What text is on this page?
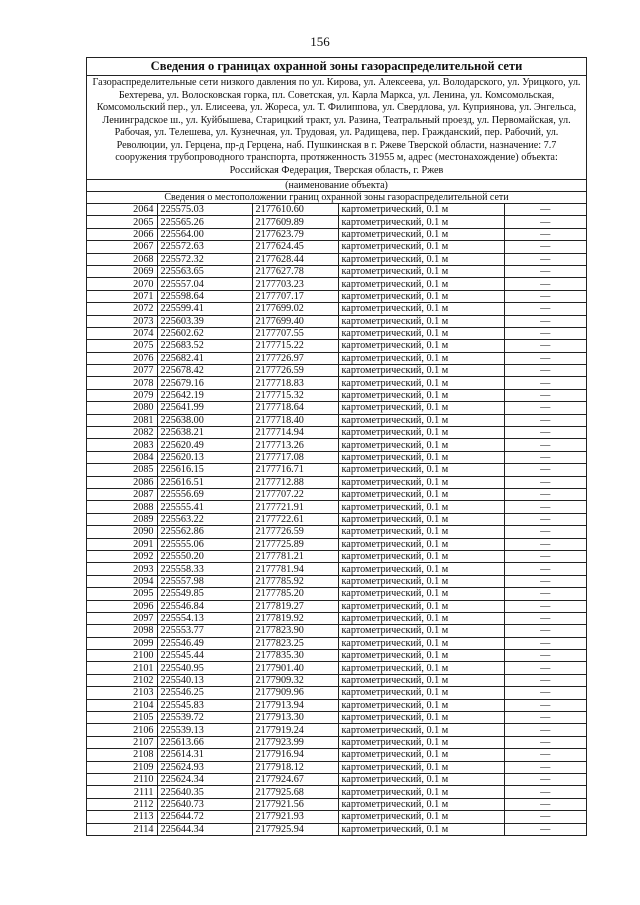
156
Сведения о границах охранной зоны газораспределительной сети
Газораспределительные сети низкого давления по ул. Кирова, ул. Алексеева, ул. Володарского, ул. Урицкого, ул. Бехтерева, ул. Волосковская горка, пл. Советская, ул. Карла Маркса, ул. Ленина, ул. Комсомольская, Комсомольский пер., ул. Елисеева, ул. Жореса, ул. Т. Филиппова, ул. Свердлова, ул. Куприянова, ул. Энгельса, Ленинградское ш., ул. Куйбышева, Старицкий тракт, ул. Разина, Театральный проезд, ул. Первомайская, ул. Рабочая, ул. Телешева, ул. Кузнечная, ул. Трудовая, ул. Радищева, пер. Гражданский, пер. Рабочий, ул. Революции, ул. Герцена, пр-д Герцена, наб. Пушкинская в г. Ржеве Тверской области, назначение: 7.7 сооружения трубопроводного транспорта, протяженность 31955 м, адрес (местонахождение) объекта: Российская Федерация, Тверская область, г. Ржев
(наименование объекта)
Сведения о местоположении границ охранной зоны газораспределительной сети
2064	225575.03	2177610.60	картометрический, 0.1 м	—
2065	225565.26	2177609.89	картометрический, 0.1 м	—
2066	225564.00	2177623.79	картометрический, 0.1 м	—
2067	225572.63	2177624.45	картометрический, 0.1 м	—
2068	225572.32	2177628.44	картометрический, 0.1 м	—
2069	225563.65	2177627.78	картометрический, 0.1 м	—
2070	225557.04	2177703.23	картометрический, 0.1 м	—
2071	225598.64	2177707.17	картометрический, 0.1 м	—
2072	225599.41	2177699.02	картометрический, 0.1 м	—
2073	225603.39	2177699.40	картометрический, 0.1 м	—
2074	225602.62	2177707.55	картометрический, 0.1 м	—
2075	225683.52	2177715.22	картометрический, 0.1 м	—
2076	225682.41	2177726.97	картометрический, 0.1 м	—
2077	225678.42	2177726.59	картометрический, 0.1 м	—
2078	225679.16	2177718.83	картометрический, 0.1 м	—
2079	225642.19	2177715.32	картометрический, 0.1 м	—
2080	225641.99	2177718.64	картометрический, 0.1 м	—
2081	225638.00	2177718.40	картометрический, 0.1 м	—
2082	225638.21	2177714.94	картометрический, 0.1 м	—
2083	225620.49	2177713.26	картометрический, 0.1 м	—
2084	225620.13	2177717.08	картометрический, 0.1 м	—
2085	225616.15	2177716.71	картометрический, 0.1 м	—
2086	225616.51	2177712.88	картометрический, 0.1 м	—
2087	225556.69	2177707.22	картометрический, 0.1 м	—
2088	225555.41	2177721.91	картометрический, 0.1 м	—
2089	225563.22	2177722.61	картометрический, 0.1 м	—
2090	225562.86	2177726.59	картометрический, 0.1 м	—
2091	225555.06	2177725.89	картометрический, 0.1 м	—
2092	225550.20	2177781.21	картометрический, 0.1 м	—
2093	225558.33	2177781.94	картометрический, 0.1 м	—
2094	225557.98	2177785.92	картометрический, 0.1 м	—
2095	225549.85	2177785.20	картометрический, 0.1 м	—
2096	225546.84	2177819.27	картометрический, 0.1 м	—
2097	225554.13	2177819.92	картометрический, 0.1 м	—
2098	225553.77	2177823.90	картометрический, 0.1 м	—
2099	225546.49	2177823.25	картометрический, 0.1 м	—
2100	225545.44	2177835.30	картометрический, 0.1 м	—
2101	225540.95	2177901.40	картометрический, 0.1 м	—
2102	225540.13	2177909.32	картометрический, 0.1 м	—
2103	225546.25	2177909.96	картометрический, 0.1 м	—
2104	225545.83	2177913.94	картометрический, 0.1 м	—
2105	225539.72	2177913.30	картометрический, 0.1 м	—
2106	225539.13	2177919.24	картометрический, 0.1 м	—
2107	225613.66	2177923.99	картометрический, 0.1 м	—
2108	225614.31	2177916.94	картометрический, 0.1 м	—
2109	225624.93	2177918.12	картометрический, 0.1 м	—
2110	225624.34	2177924.67	картометрический, 0.1 м	—
2111	225640.35	2177925.68	картометрический, 0.1 м	—
2112	225640.73	2177921.56	картометрический, 0.1 м	—
2113	225644.72	2177921.93	картометрический, 0.1 м	—
2114	225644.34	2177925.94	картометрический, 0.1 м	—
